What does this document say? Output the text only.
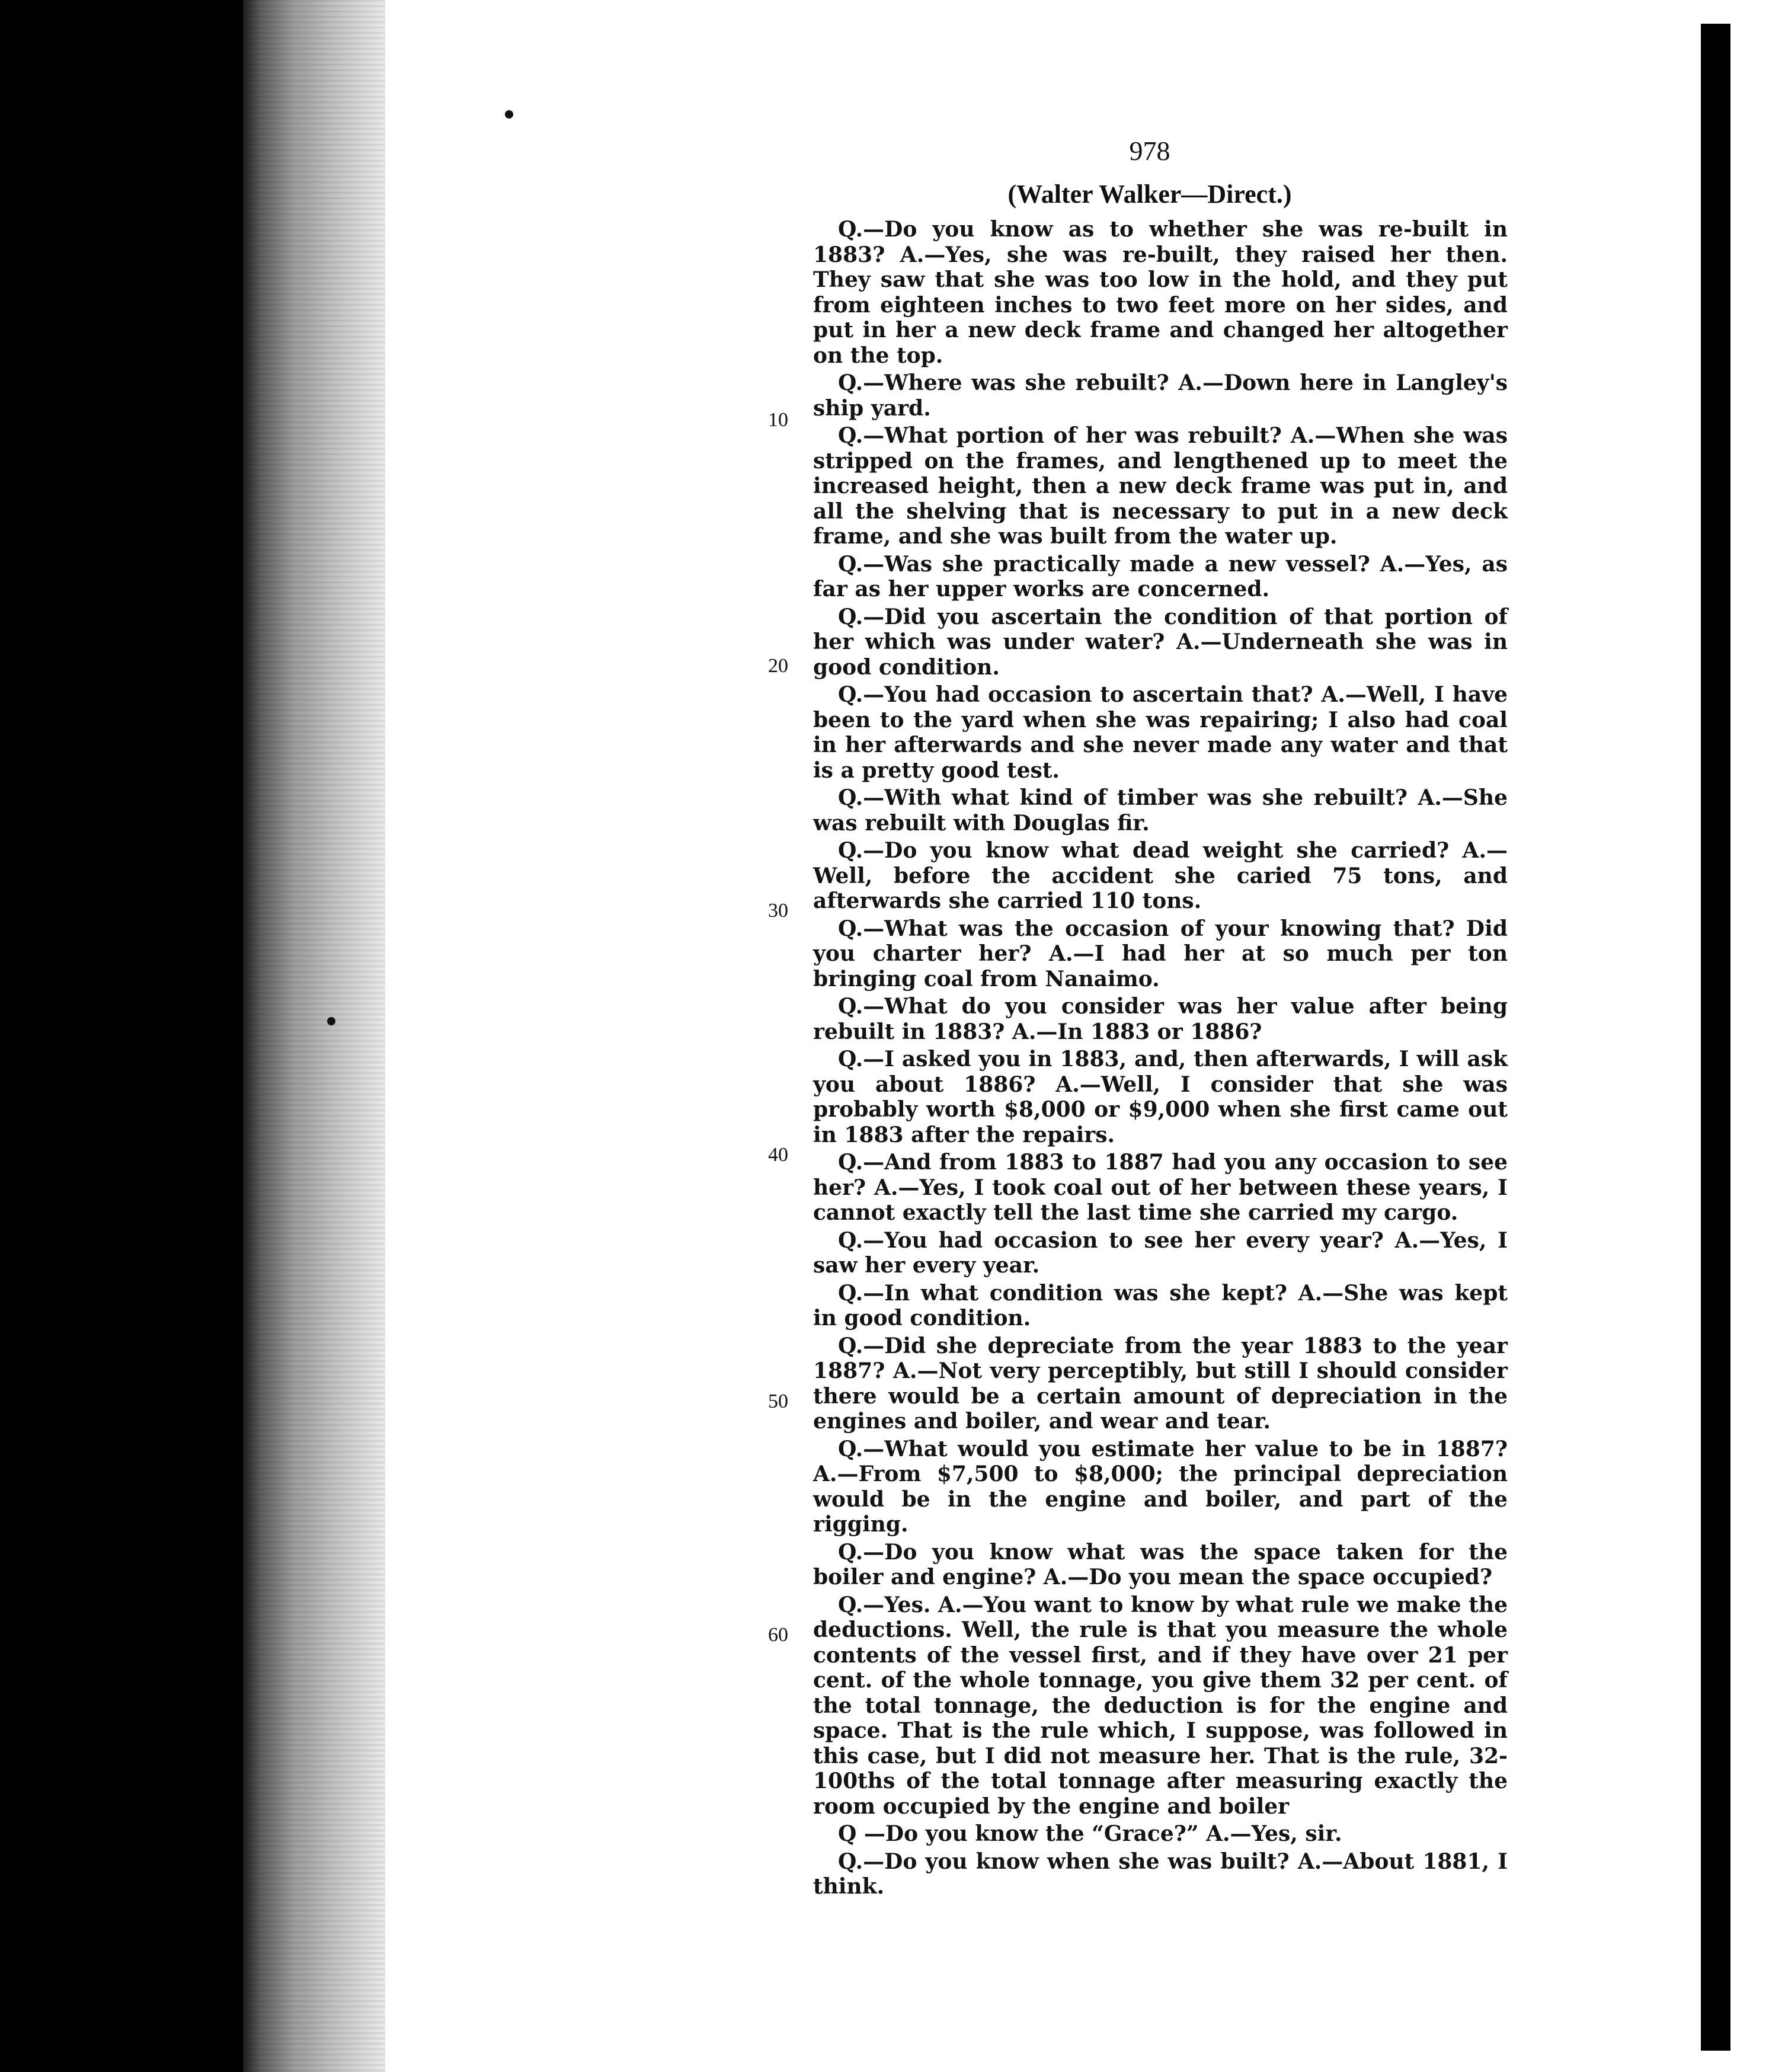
978
(Walter Walker—Direct.)
10
20
30
40
50
60

Q.—Do you know as to whether she was re-built in 1883? A.—Yes, she was re-built, they raised her then. They saw that she was too low in the hold, and they put from eighteen inches to two feet more on her sides, and put in her a new deck frame and changed her altogether on the top.

Q.—Where was she rebuilt? A.—Down here in Langley's ship yard.

Q.—What portion of her was rebuilt? A.—When she was stripped on the frames, and lengthened up to meet the increased height, then a new deck frame was put in, and all the shelving that is necessary to put in a new deck frame, and she was built from the water up.

Q.—Was she practically made a new vessel? A.—Yes, as far as her upper works are concerned.

Q.—Did you ascertain the condition of that portion of her which was under water? A.—Underneath she was in good condition.

Q.—You had occasion to ascertain that? A.—Well, I have been to the yard when she was repairing; I also had coal in her afterwards and she never made any water and that is a pretty good test.

Q.—With what kind of timber was she rebuilt? A.—She was rebuilt with Douglas fir.

Q.—Do you know what dead weight she carried? A.—Well, before the accident she caried 75 tons, and afterwards she carried 110 tons.

Q.—What was the occasion of your knowing that? Did you charter her? A.—I had her at so much per ton bringing coal from Nanaimo.

Q.—What do you consider was her value after being rebuilt in 1883? A.—In 1883 or 1886?

Q.—I asked you in 1883, and, then afterwards, I will ask you about 1886? A.—Well, I consider that she was probably worth $8,000 or $9,000 when she first came out in 1883 after the repairs.

Q.—And from 1883 to 1887 had you any occasion to see her? A.—Yes, I took coal out of her between these years, I cannot exactly tell the last time she carried my cargo.

Q.—You had occasion to see her every year? A.—Yes, I saw her every year.

Q.—In what condition was she kept? A.—She was kept in good condition.

Q.—Did she depreciate from the year 1883 to the year 1887? A.—Not very perceptibly, but still I should consider there would be a certain amount of depreciation in the engines and boiler, and wear and tear.

Q.—What would you estimate her value to be in 1887? A.—From $7,500 to $8,000; the principal depreciation would be in the engine and boiler, and part of the rigging.

Q.—Do you know what was the space taken for the boiler and engine? A.—Do you mean the space occupied?

Q.—Yes. A.—You want to know by what rule we make the deductions. Well, the rule is that you measure the whole contents of the vessel first, and if they have over 21 per cent. of the whole tonnage, you give them 32 per cent. of the total tonnage, the deduction is for the engine and space. That is the rule which, I suppose, was followed in this case, but I did not measure her. That is the rule, 32-100ths of the total tonnage after measuring exactly the room occupied by the engine and boiler

Q —Do you know the “Grace?” A.—Yes, sir.

Q.—Do you know when she was built? A.—About 1881, I think.
